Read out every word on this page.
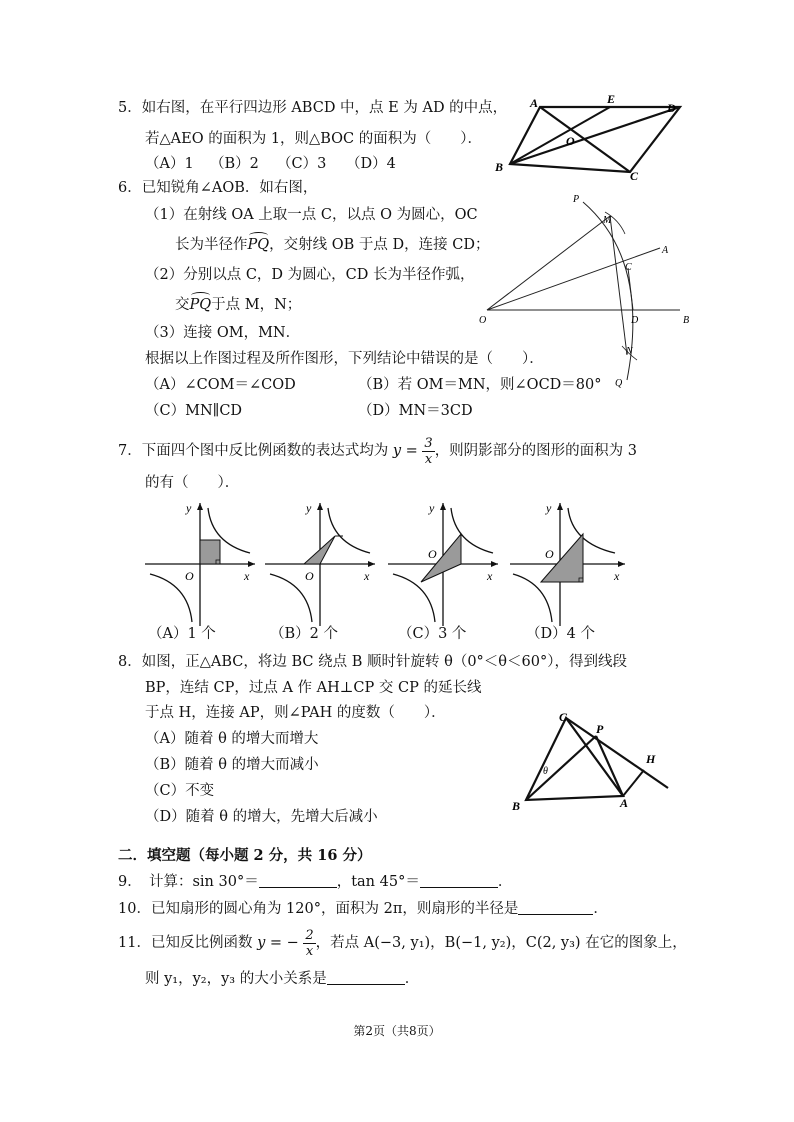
5．如右图，在平行四边形 ABCD 中，点 E 为 AD 的中点，
若△AEO 的面积为 1，则△BOC 的面积为（　　）．
（A）1 （B）2 （C）3 （D）4
A	E
D
O
B
C
6．已知锐角∠AOB．如右图，
（1）在射线 OA 上取一点 C，以点 O 为圆心，OC
长为半径作PQ，交射线 OB 于点 D，连接 CD；
（2）分别以点 C，D 为圆心，CD 长为半径作弧，
交PQ于点 M，N；
（3）连接 OM，MN．
根据以上作图过程及所作图形，下列结论中错误的是（　　）．
（A）∠COM＝∠COD	（B）若 OM＝MN，则∠OCD＝80°
（C）MN∥CD	（D）MN＝3CD
P
M
A
C
O	D	B
N
Q
7．下面四个图中反比例函数的表达式均为 $y = \frac{3}{x}$ ，则阴影部分的图形的面积为 3
的有（　　）．
y
x
O
y
x
O
y
x
O
y
x
O
（A）1 个	（B）2 个	（C）3 个	（D）4 个
8．如图，正△ABC，将边 BC 绕点 B 顺时针旋转 θ（0°＜θ＜60°），得到线段
BP，连结 CP，过点 A 作 AH⊥CP 交 CP 的延长线
于点 H，连接 AP，则∠PAH 的度数（　　）．
（A）随着 θ 的增大而增大
（B）随着 θ 的增大而减小
（C）不变
（D）随着 θ 的增大，先增大后减小
C
P
H
θ
B	A
二．填空题（每小题 2 分，共 16 分）
9．　计算：sin 30°＝	，tan 45°＝	．
10．已知扇形的圆心角为 120°，面积为 2π，则扇形的半径是	．
11．已知反比例函数 y = − $\frac{2}{x}$ ，若点 A(−3, y₁)，B(−1, y₂)，C(2, y₃) 在它的图象上，
则 y₁，y₂，y₃ 的大小关系是	．
第2页（共8页）
